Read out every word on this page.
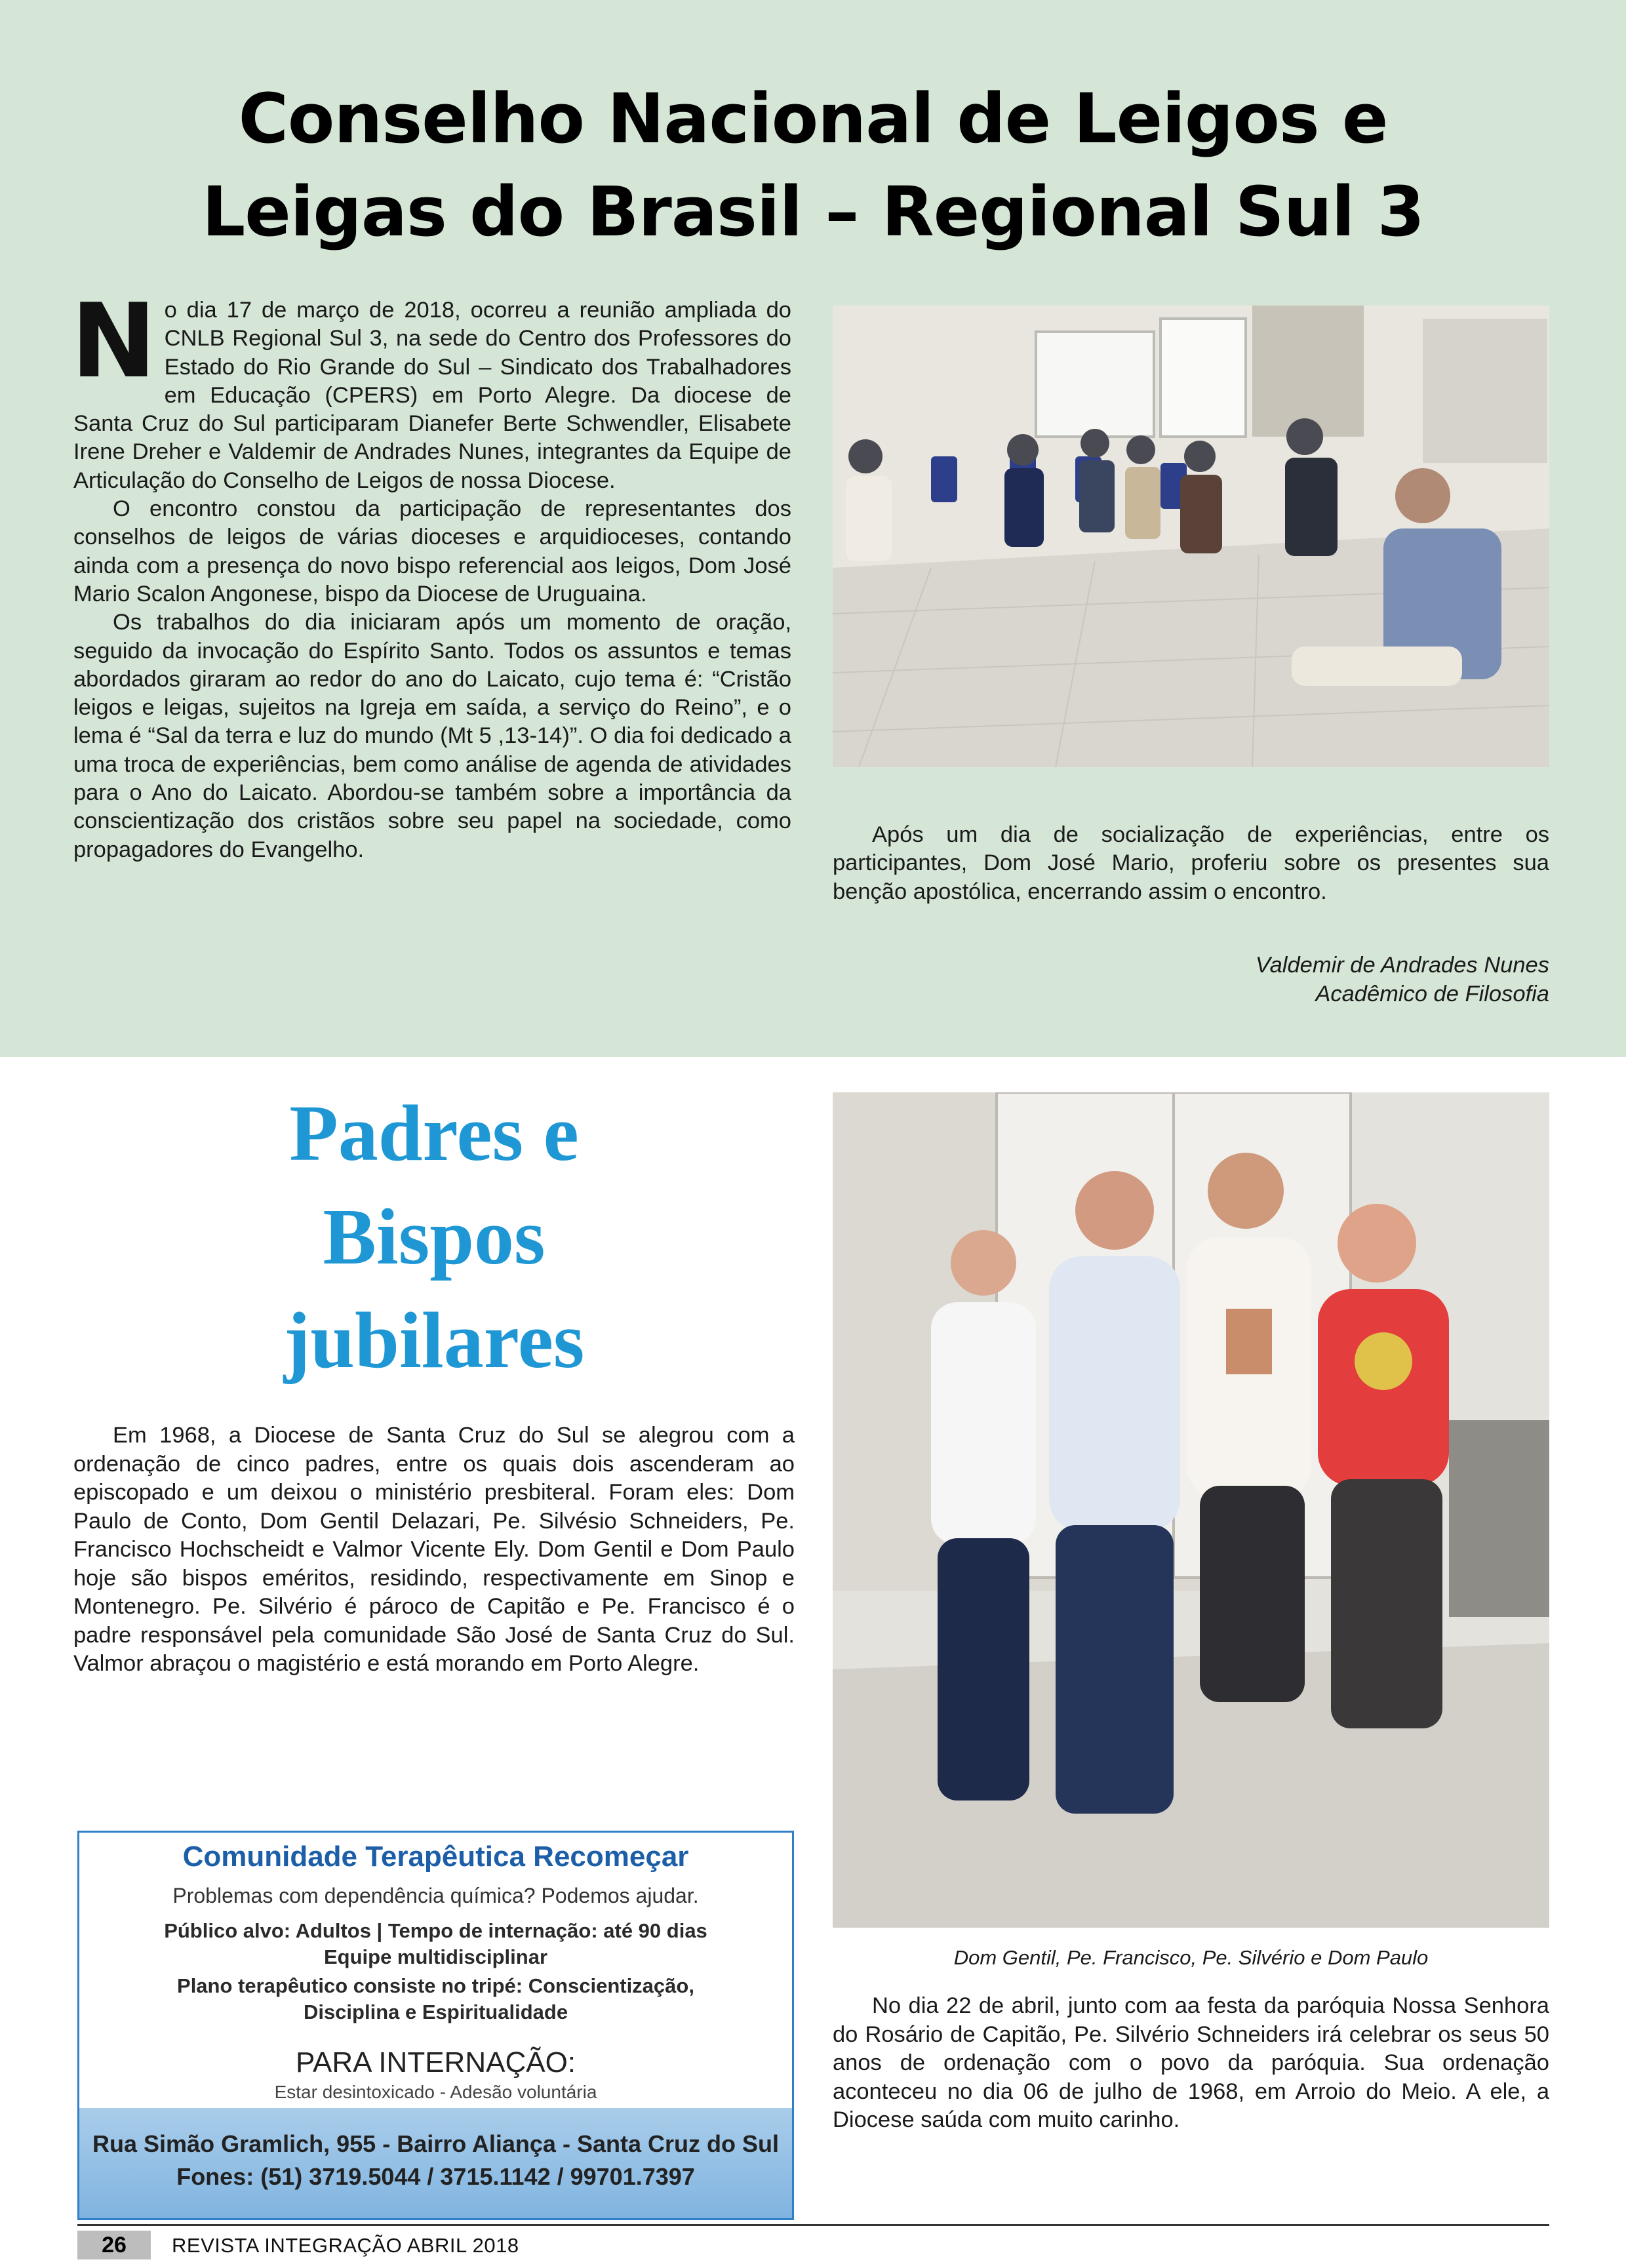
Conselho Nacional de Leigos e
Leigas do Brasil – Regional Sul 3

No dia 17 de março de 2018, ocorreu a reunião ampliada do CNLB Regional Sul 3, na sede do Centro dos Professores do Estado do Rio Grande do Sul – Sindicato dos Trabalhadores em Educação (CPERS) em Porto Alegre. Da diocese de Santa Cruz do Sul participaram Dianefer Berte Schwendler, Elisabete Irene Dreher e Valdemir de Andrades Nunes, integrantes da Equipe de Articulação do Conselho de Leigos de nossa Diocese.

O encontro constou da participação de representantes dos conselhos de leigos de várias dioceses e arquidioceses, contando ainda com a presença do novo bispo referencial aos leigos, Dom José Mario Scalon Angonese, bispo da Diocese de Uruguaina.

Os trabalhos do dia iniciaram após um momento de oração, seguido da invocação do Espírito Santo. Todos os assuntos e temas abordados giraram ao redor do ano do Laicato, cujo tema é: “Cristão leigos e leigas, sujeitos na Igreja em saída, a serviço do Reino”, e o lema é “Sal da terra e luz do mundo (Mt 5 ,13-14)”. O dia foi dedicado a uma troca de experiências, bem como análise de agenda de atividades para o Ano do Laicato. Abordou-se também sobre a importância da conscientização dos cristãos sobre seu papel na sociedade, como propagadores do Evangelho.

Após um dia de socialização de experiências, entre os participantes, Dom José Mario, proferiu sobre os presentes sua benção apostólica, encerrando assim o encontro.

Valdemir de Andrades Nunes
Acadêmico de Filosofia
Padres e
Bispos
jubilares

Em 1968, a Diocese de Santa Cruz do Sul se alegrou com a ordenação de cinco padres, entre os quais dois ascenderam ao episcopado e um deixou o ministério presbiteral. Foram eles: Dom Paulo de Conto, Dom Gentil Delazari, Pe. Silvésio Schneiders, Pe. Francisco Hochscheidt e Valmor Vicente Ely. Dom Gentil e Dom Paulo hoje são bispos eméritos, residindo, respectivamente em Sinop e Montenegro. Pe. Silvério é pároco de Capitão e Pe. Francisco é o padre responsável pela comunidade São José de Santa Cruz do Sul. Valmor abraçou o magistério e está morando em Porto Alegre.

Dom Gentil, Pe. Francisco, Pe. Silvério e Dom Paulo

No dia 22 de abril, junto com aa festa da paróquia Nossa Senhora do Rosário de Capitão, Pe. Silvério Schneiders irá celebrar os seus 50 anos de ordenação com o povo da paróquia. Sua ordenação aconteceu no dia 06 de julho de 1968, em Arroio do Meio. A ele, a Diocese saúda com muito carinho.

Comunidade Terapêutica Recomeçar
Problemas com dependência química? Podemos ajudar.
Público alvo: Adultos | Tempo de internação: até 90 dias
Equipe multidisciplinar
Plano terapêutico consiste no tripé: Conscientização,
Disciplina e Espiritualidade
PARA INTERNAÇÃO:
Estar desintoxicado - Adesão voluntária
Rua Simão Gramlich, 955 - Bairro Aliança - Santa Cruz do Sul
Fones: (51) 3719.5044 / 3715.1142 / 99701.7397
26	REVISTA INTEGRAÇÃO ABRIL 2018
